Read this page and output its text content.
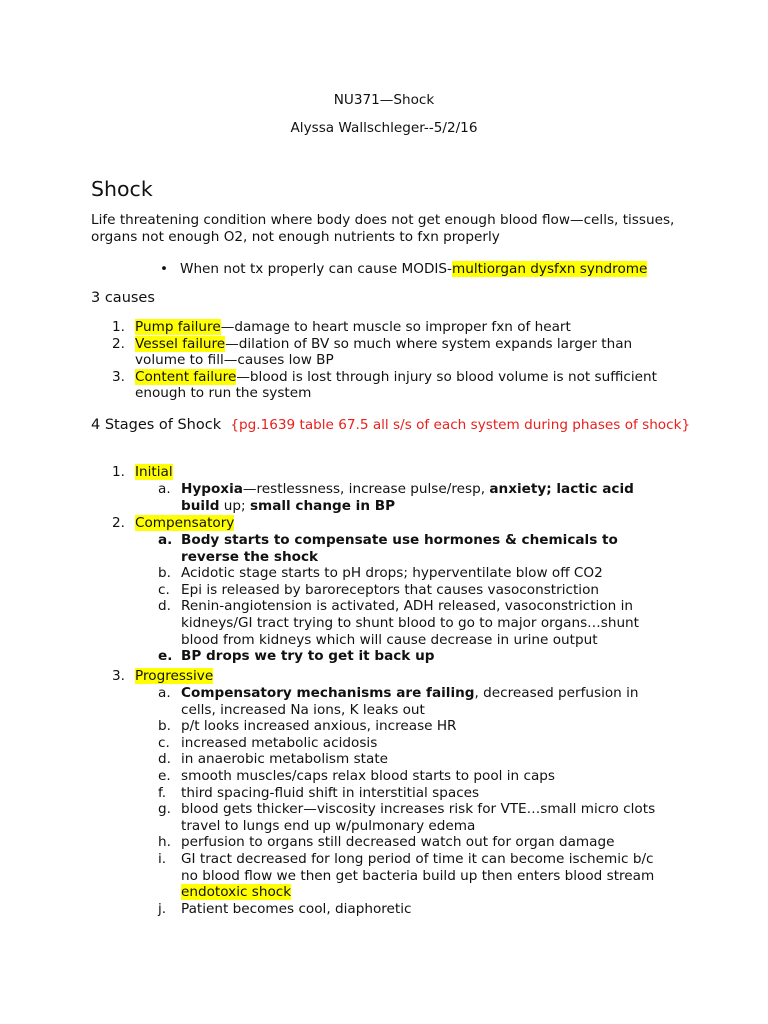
NU371—Shock
Alyssa Wallschleger--5/2/16
Shock
Life threatening condition where body does not get enough blood flow—cells, tissues, organs not enough O2, not enough nutrients to fxn properly
• When not tx properly can cause MODIS-multiorgan dysfxn syndrome
3 causes
1. Pump failure—damage to heart muscle so improper fxn of heart
2. Vessel failure—dilation of BV so much where system expands larger than volume to fill—causes low BP
3. Content failure—blood is lost through injury so blood volume is not sufficient enough to run the system
4 Stages of Shock {pg.1639 table 67.5 all s/s of each system during phases of shock}
1. Initial
a. Hypoxia—restlessness, increase pulse/resp, anxiety; lactic acid build up; small change in BP
2. Compensatory
a. Body starts to compensate use hormones & chemicals to reverse the shock
b. Acidotic stage starts to pH drops; hyperventilate blow off CO2
c. Epi is released by baroreceptors that causes vasoconstriction
d. Renin-angiotension is activated, ADH released, vasoconstriction in kidneys/GI tract trying to shunt blood to go to major organs…shunt blood from kidneys which will cause decrease in urine output
e. BP drops we try to get it back up
3. Progressive
a. Compensatory mechanisms are failing, decreased perfusion in cells, increased Na ions, K leaks out
b. p/t looks increased anxious, increase HR
c. increased metabolic acidosis
d. in anaerobic metabolism state
e. smooth muscles/caps relax blood starts to pool in caps
f. third spacing-fluid shift in interstitial spaces
g. blood gets thicker—viscosity increases risk for VTE…small micro clots travel to lungs end up w/pulmonary edema
h. perfusion to organs still decreased watch out for organ damage
i. GI tract decreased for long period of time it can become ischemic b/c no blood flow we then get bacteria build up then enters blood stream endotoxic shock
j. Patient becomes cool, diaphoretic
